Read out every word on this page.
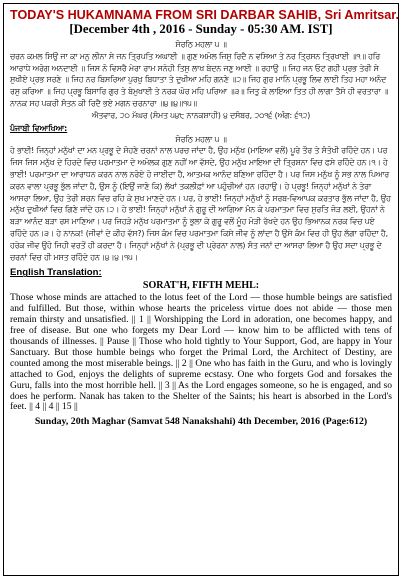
TODAY'S HUKAMNAMA FROM SRI DARBAR SAHIB, Sri Amritsar.
[December 4th , 2016 - Sunday - 05:30 AM. IST]
ਸੋਰਠਿ ਮਹਲਾ ੫ ॥
ਚਰਨ ਕਮਲ ਸਿਉ ਜਾ ਕਾ ਮਨੁ ਲੀਨਾ ਸੇ ਜਨ ਤ੍ਰਿਪਤਿ ਅਘਾਈ ॥ ਗੁਣ ਅਮੋਲ ਜਿਸੁ ਰਿਦੈ ਨ ਵਸਿਆ ਤੇ ਨਰ ਤ੍ਰਿਸਨ ਤ੍ਰਿਖਾਈ ॥੧॥ ਹਰਿ ਆਰਾਧੇ ਅਰੋਗ ਅਨਦਾਈ ॥ ਜਿਸ ਨੋ ਵਿਸਰੈ ਮੇਰਾ ਰਾਮ ਸਨੇਹੀ ਤਿਸੁ ਲਾਖ ਬੇਦਨ ਜਣੁ ਆਈ ॥ ਰਹਾਉ ॥ ਜਿਹ ਜਨ ਓਟ ਗਹੀ ਪ੍ਰਭ ਤੇਰੀ ਸੇ ਸੁਖੀਏ ਪ੍ਰਭ ਸਰਣੇ ॥ ਜਿਹ ਨਰ ਬਿਸਰਿਆ ਪੁਰਖੁ ਬਿਧਾਤਾ ਤੇ ਦੁਖੀਆ ਮਹਿ ਗਨਣੇ ॥੨॥ ਜਿਹ ਗੁਰ ਮਾਨਿ ਪ੍ਰਭੂ ਲਿਵ ਲਾਈ ਤਿਹ ਮਹਾ ਅਨੰਦ ਰਸੁ ਕਰਿਆ ॥ ਜਿਹ ਪ੍ਰਭੂ ਬਿਸਾਰਿ ਗੁਰ ਤੇ ਬੇਮੁਖਾਈ ਤੇ ਨਰਕ ਘੋਰ ਮਹਿ ਪਰਿਆ ॥੩॥ ਜਿਤੁ ਕੋ ਲਾਇਆ ਤਿਤ ਹੀ ਲਾਗਾ ਤੈਸੋ ਹੀ ਵਰਤਾਰਾ ॥ ਨਾਨਕ ਸਹ ਪਕਰੀ ਸੰਤਨ ਕੀ ਰਿਦੈ ਭਏ ਮਗਨ ਚਰਨਾਰਾ ॥੪॥੪॥੧੫॥
ਐਤਵਾਰ, ੨੦ ਮੱਘਰ (ਸੰਮਤ ੫੪੮ ਨਾਨਕਸ਼ਾਹੀ) ੪ ਦਸੰਬਰ, ੨੦੧੬ (ਅੰਗ: ੬੧੨)
ਪੰਜਾਬੀ ਵਿਆਖਿਆ:
ਸੋਰਠਿ ਮਹਲਾ ੫ ॥
ਹੇ ਭਾਈ! ਜਿਨ੍ਹਾਂ ਮਨੁੱਖਾਂ ਦਾ ਮਨ ਪ੍ਰਭੂ ਦੇ ਸੋਹਣੇ ਚਰਨਾਂ ਨਾਲ ਪਰਚ ਜਾਂਦਾ ਹੈ, ਉਹ ਮਨੁੱਖ (ਮਾਇਆ ਵਲੋਂ) ਪੂਰੇ ਤੌਰ ਤੇ ਸੰਤੋਖੀ ਰਹਿੰਦੇ ਹਨ। ਪਰ ਜਿਸ ਜਿਸ ਮਨੁੱਖ ਦੇ ਹਿਰਦੇ ਵਿਚ ਪਰਮਾਤਮਾ ਦੇ ਅਮੋਲਕ ਗੁਣ ਨਹੀਂ ਆ ਵੱਸਦੇ, ਉਹ ਮਨੁੱਖ ਮਾਇਆ ਦੀ ਤ੍ਰਿਸ਼ਨਾ ਵਿਚ ਫਸੇ ਰਹਿੰਦੇ ਹਨ।੧। ਹੇ ਭਾਈ! ਪਰਮਾਤਮਾ ਦਾ ਆਰਾਧਨ ਕਰਨ ਨਾਲ ਨਰੋਏ ਹੋ ਜਾਈਦਾ ਹੈ, ਆਤਮਕ ਆਨੰਦ ਬਣਿਆ ਰਹਿੰਦਾ ਹੈ। ਪਰ ਜਿਸ ਮਨੁੱਖ ਨੂੰ ਸਭ ਨਾਲ ਪਿਆਰ ਕਰਨ ਵਾਲਾ ਪ੍ਰਭੂ ਭੁੱਲ ਜਾਂਦਾ ਹੈ, ਉਸ ਨੂੰ (ਇਉਂ ਜਾਣੋ ਕਿ) ਲੱਖਾਂ ਤਕਲੀਫ਼ਾਂ ਆ ਪਹੁੰਚੀਆਂ ਹਨ।ਰਹਾਉ। ਹੇ ਪ੍ਰਭੂ! ਜਿਨ੍ਹਾਂ ਮਨੁੱਖਾਂ ਨੇ ਤੇਰਾ ਆਸਰਾ ਲਿਆ, ਉਹ ਤੇਰੀ ਸ਼ਰਨ ਵਿਚ ਰਹਿ ਕੇ ਸੁਖ ਮਾਣਦੇ ਹਨ। ਪਰ, ਹੇ ਭਾਈ! ਜਿਨ੍ਹਾਂ ਮਨੁੱਖਾਂ ਨੂੰ ਸਰਬ-ਵਿਆਪਕ ਕਰਤਾਰ ਭੁੱਲ ਜਾਂਦਾ ਹੈ, ਉਹ ਮਨੁੱਖ ਦੁਖੀਆਂ ਵਿਚ ਗਿਣੇ ਜਾਂਦੇ ਹਨ।੨। ਹੇ ਭਾਈ! ਜਿਨ੍ਹਾਂ ਮਨੁੱਖਾਂ ਨੇ ਗੁਰੂ ਦੀ ਆਗਿਆ ਮੰਨ ਕੇ ਪਰਮਾਤਮਾ ਵਿਚ ਸੁਰਤਿ ਜੋੜ ਲਈ, ਉਹਨਾਂ ਨੇ ਬੜਾ ਆਨੰਦ ਬੜਾ ਰਸ ਮਾਣਿਆ। ਪਰ ਜਿਹੜੇ ਮਨੁੱਖ ਪਰਮਾਤਮਾ ਨੂੰ ਭੁਲਾ ਕੇ ਗੁਰੂ ਵਲੋਂ ਮੂੰਹ ਮੋੜੀ ਰੱਖਦੇ ਹਨ ਉਹ ਭਿਆਨਕ ਨਰਕ ਵਿਚ ਪਏ ਰਹਿੰਦੇ ਹਨ।੩। ਹੇ ਨਾਨਕ! (ਜੀਵਾਂ ਦੇ ਕੀਹ ਵੱਸ?) ਜਿਸ ਕੰਮ ਵਿਚ ਪਰਮਾਤਮਾ ਕਿਸੇ ਜੀਵ ਨੂੰ ਲਾਂਦਾ ਹੈ ਉਸੇ ਕੰਮ ਵਿਚ ਹੀ ਉਹ ਲੱਗਾ ਰਹਿੰਦਾ ਹੈ, ਹਰੇਕ ਜੀਵ ਉਹੋ ਜਿਹੀ ਵਰਤੋਂ ਹੀ ਕਰਦਾ ਹੈ। ਜਿਨ੍ਹਾਂ ਮਨੁੱਖਾਂ ਨੇ (ਪ੍ਰਭੂ ਦੀ ਪ੍ਰੇਰਨਾ ਨਾਲ) ਸੰਤ ਜਨਾਂ ਦਾ ਆਸਰਾ ਲਿਆ ਹੈ ਉਹ ਸਦਾ ਪ੍ਰਭੂ ਦੇ ਚਰਨਾਂ ਵਿਚ ਹੀ ਮਸਤ ਰਹਿੰਦੇ ਹਨ।੪।੪।੧੫।
English Translation:
SORAT'H, FIFTH MEHL:
Those whose minds are attached to the lotus feet of the Lord — those humble beings are satisfied and fulfilled. But those, within whose hearts the priceless virtue does not abide — those men remain thirsty and unsatisfied. || 1 || Worshipping the Lord in adoration, one becomes happy, and free of disease. But one who forgets my Dear Lord — know him to be afflicted with tens of thousands of illnesses. || Pause || Those who hold tightly to Your Support, God, are happy in Your Sanctuary. But those humble beings who forget the Primal Lord, the Architect of Destiny, are counted among the most miserable beings. || 2 || One who has faith in the Guru, and who is lovingly attached to God, enjoys the delights of supreme ecstasy. One who forgets God and forsakes the Guru, falls into the most horrible hell. || 3 || As the Lord engages someone, so he is engaged, and so does he perform. Nanak has taken to the Shelter of the Saints; his heart is absorbed in the Lord's feet. || 4 || 4 || 15 ||
Sunday, 20th Maghar (Samvat 548 Nanakshahi) 4th December, 2016 (Page:612)
